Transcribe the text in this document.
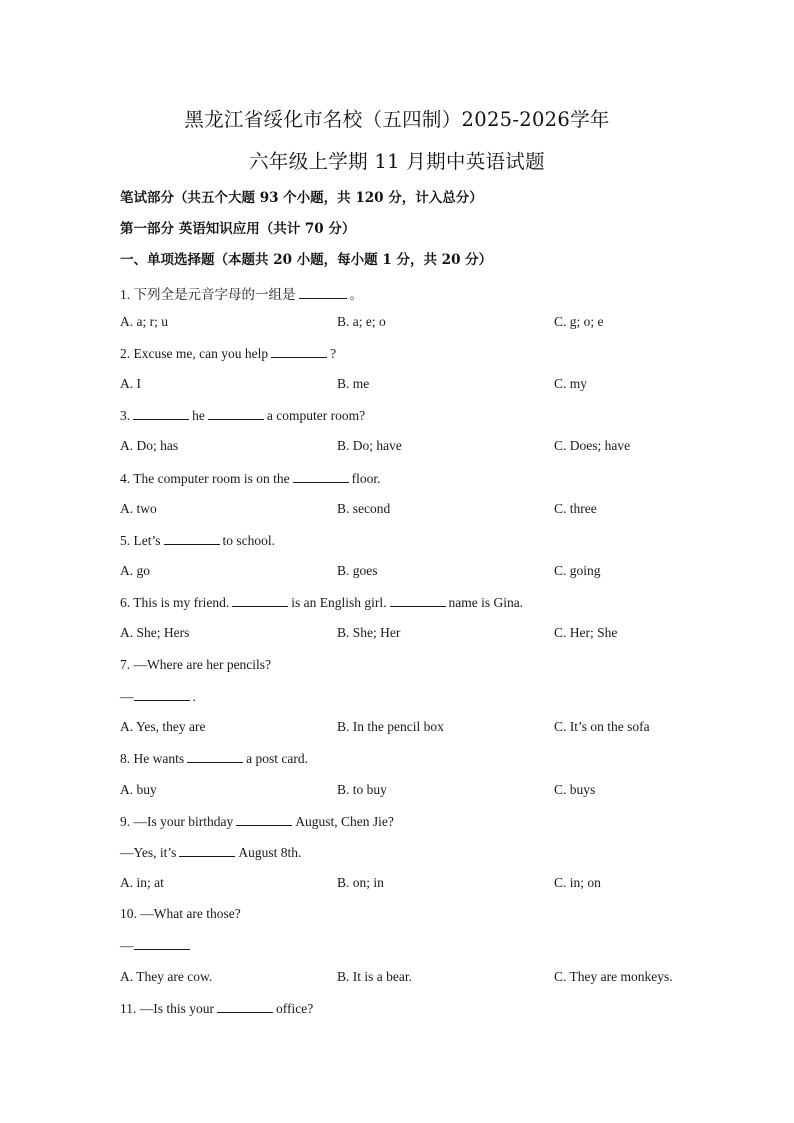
黑龙江省绥化市名校（五四制）2025-2026学年
六年级上学期 11 月期中英语试题
笔试部分（共五个大题 93 个小题，共 120 分，计入总分）
第一部分 英语知识应用（共计 70 分）
一、单项选择题（本题共 20 小题，每小题 1 分，共 20 分）
1. 下列全是元音字母的一组是	。
A. a; r; u	B. a; e; o	C. g; o; e
2. Excuse me, can you help	?
A. I	B. me	C. my
3.	he	a computer room?
A. Do; has	B. Do; have	C. Does; have
4. The computer room is on the	floor.
A. two	B. second	C. three
5. Let’s	to school.
A. go	B. goes	C. going
6. This is my friend.	is an English girl.	name is Gina.
A. She; Hers	B. She; Her	C. Her; She
7. —Where are her pencils?
—	.
A. Yes, they are	B. In the pencil box	C. It’s on the sofa
8. He wants	a post card.
A. buy	B. to buy	C. buys
9. —Is your birthday	August, Chen Jie?
—Yes, it’s	August 8th.
A. in; at	B. on; in	C. in; on
10. —What are those?
—
A. They are cow.	B. It is a bear.	C. They are monkeys.
11. —Is this your	office?
